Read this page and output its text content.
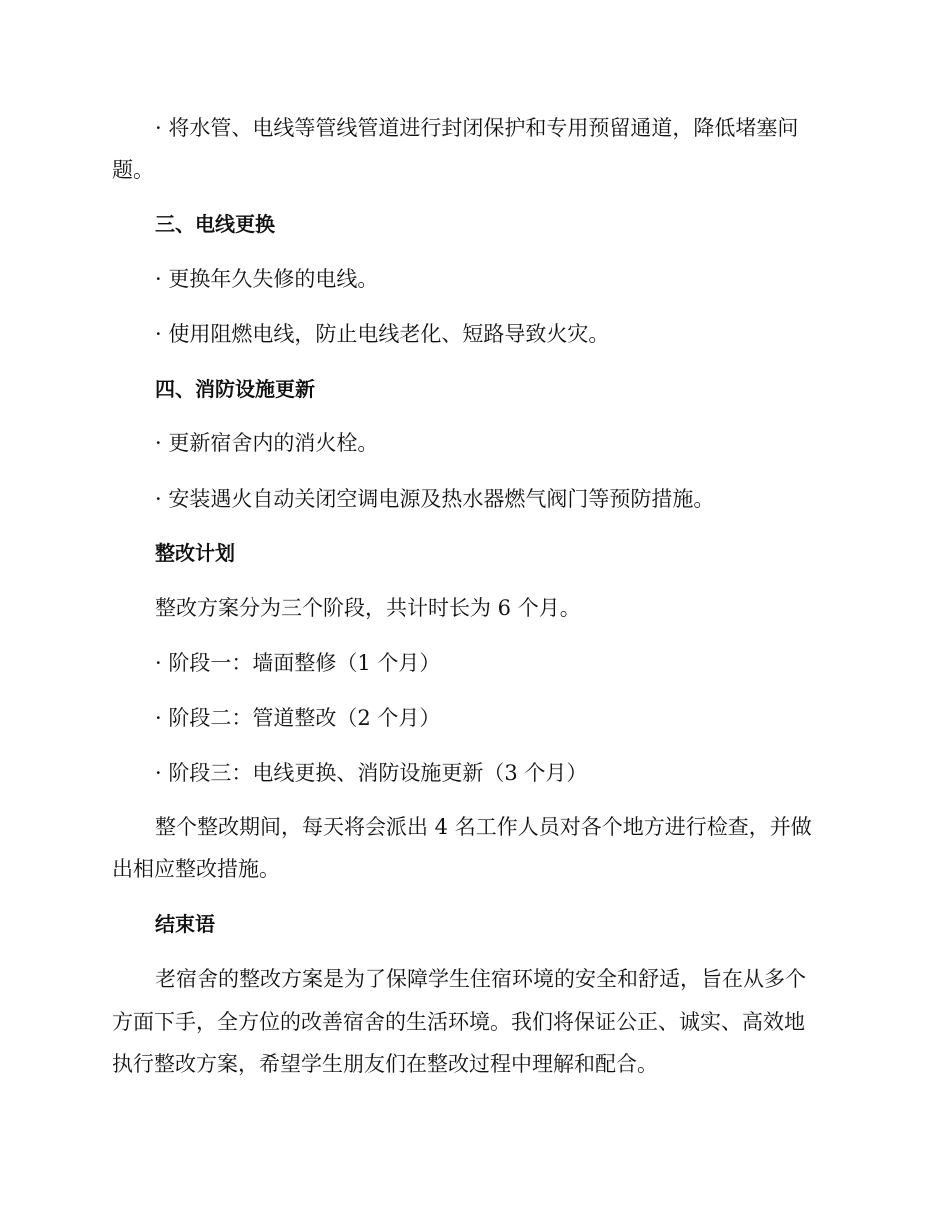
· 将水管、电线等管线管道进行封闭保护和专用预留通道，降低堵塞问
题。
三、电线更换
· 更换年久失修的电线。
· 使用阻燃电线，防止电线老化、短路导致火灾。
四、消防设施更新
· 更新宿舍内的消火栓。
· 安装遇火自动关闭空调电源及热水器燃气阀门等预防措施。
整改计划
整改方案分为三个阶段，共计时长为 6 个月。
· 阶段一：墙面整修（1 个月）
· 阶段二：管道整改（2 个月）
· 阶段三：电线更换、消防设施更新（3 个月）
整个整改期间，每天将会派出 4 名工作人员对各个地方进行检查，并做
出相应整改措施。
结束语
老宿舍的整改方案是为了保障学生住宿环境的安全和舒适，旨在从多个
方面下手，全方位的改善宿舍的生活环境。我们将保证公正、诚实、高效地
执行整改方案，希望学生朋友们在整改过程中理解和配合。
